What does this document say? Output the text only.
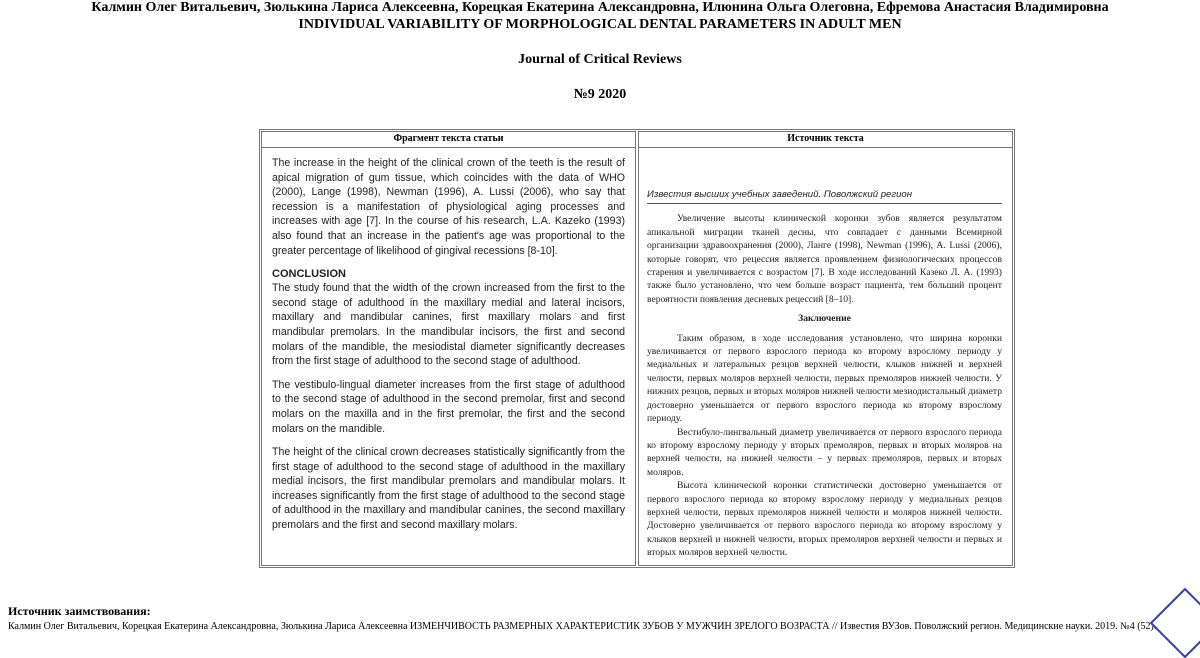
Калмин Олег Витальевич, Зюлькина Лариса Алексеевна, Корецкая Екатерина Александровна, Илюнина Ольга Олеговна, Ефремова Анастасия Владимировна
INDIVIDUAL VARIABILITY OF MORPHOLOGICAL DENTAL PARAMETERS IN ADULT MEN
Journal of Critical Reviews
№9 2020
Фрагмент текста статьи

The increase in the height of the clinical crown of the teeth is the result of apical migration of gum tissue, which coincides with the data of WHO (2000), Lange (1998), Newman (1996), A. Lussi (2006), who say that recession is a manifestation of physiological aging processes and increases with age [7]. In the course of his research, L.A. Kazeko (1993) also found that an increase in the patient's age was proportional to the greater percentage of likelihood of gingival recessions [8-10].

CONCLUSION

The study found that the width of the crown increased from the first to the second stage of adulthood in the maxillary medial and lateral incisors, maxillary and mandibular canines, first maxillary molars and first mandibular premolars. In the mandibular incisors, the first and second molars of the mandible, the mesiodistal diameter significantly decreases from the first stage of adulthood to the second stage of adulthood.

The vestibulo-lingual diameter increases from the first stage of adulthood to the second stage of adulthood in the second premolar, first and second molars on the maxilla and in the first premolar, the first and the second molars on the mandible.

The height of the clinical crown decreases statistically significantly from the first stage of adulthood to the second stage of adulthood in the maxillary medial incisors, the first mandibular premolars and mandibular molars. It increases significantly from the first stage of adulthood to the second stage of adulthood in the maxillary and mandibular canines, the second maxillary premolars and the first and second maxillary molars.

Источник текста
Известия высших учебных заведений. Поволжский регион

Увеличение высоты клинической коронки зубов является результатом апикальной миграции тканей десны, что совпадает с данными Всемирной организации здравоохранения (2000), Ланге (1998), Newman (1996), A. Lussi (2006), которые говорят, что рецессия является проявлением физиологических процессов старения и увеличивается с возрастом [7]. В ходе исследований Казеко Л. А. (1993) также было установлено, что чем больше возраст пациента, тем больший процент вероятности появления десневых рецессий [8–10].

Заключение

Таким образом, в ходе исследования установлено, что ширина коронки увеличивается от первого взрослого периода ко второму взрослому периоду у медиальных и латеральных резцов верхней челюсти, клыков нижней и верхней челюсти, первых моляров верхней челюсти, первых премоляров нижней челюсти. У нижних резцов, первых и вторых моляров нижней челюсти мезиодистальный диаметр достоверно уменьшается от первого взрослого периода ко второму взрослому периоду.

Вестибуло-лингвальный диаметр увеличивается от первого взрослого периода ко второму взрослому периоду у вторых премоляров, первых и вторых моляров на верхней челюсти, на нижней челюсти – у первых премоляров, первых и вторых моляров.

Высота клинической коронки статистически достоверно уменьшается от первого взрослого периода ко второму взрослому периоду у медиальных резцов верхней челюсти, первых премоляров нижней челюсти и моляров нижней челюсти. Достоверно увеличивается от первого взрослого периода ко второму взрослому у клыков верхней и нижней челюсти, вторых премоляров верхней челюсти и первых и вторых моляров верхней челюсти.

Источник заимствования:
Калмин Олег Витальевич, Корецкая Екатерина Александровна, Зюлькина Лариса Алексеевна ИЗМЕНЧИВОСТЬ РАЗМЕРНЫХ ХАРАКТЕРИСТИК ЗУБОВ У МУЖЧИН ЗРЕЛОГО ВОЗРАСТА // Известия ВУЗов. Поволжский регион. Медицинские науки. 2019. №4 (52).
